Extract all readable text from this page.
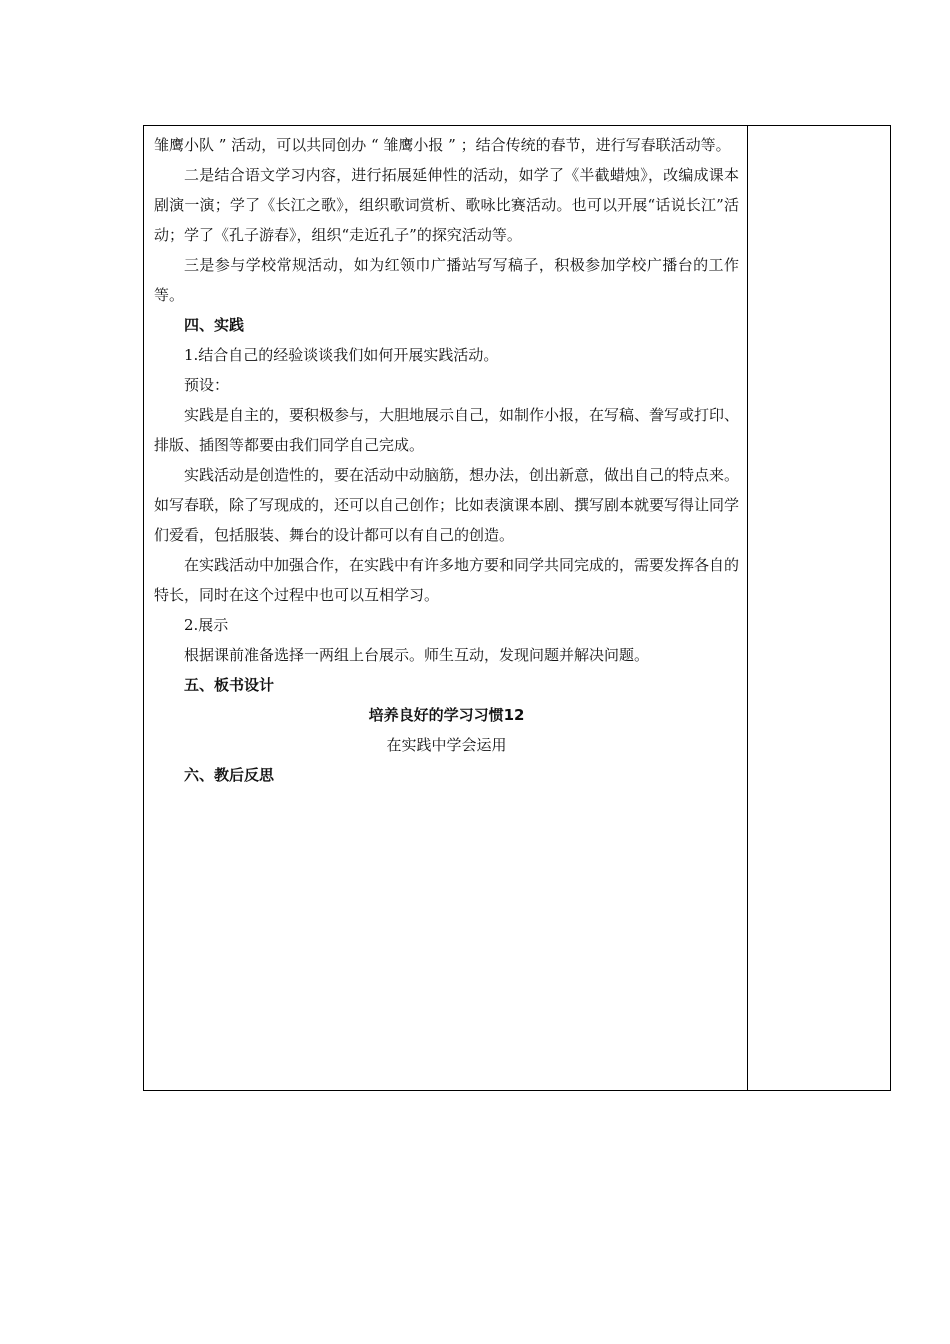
雏鹰小队 ” 活动，可以共同创办 “ 雏鹰小报 ” ；结合传统的春节，进行写春联活动等。

二是结合语文学习内容，进行拓展延伸性的活动，如学了《半截蜡烛》，改编成课本剧演一演；学了《长江之歌》，组织歌词赏析、歌咏比赛活动。也可以开展“话说长江”活动；学了《孔子游春》，组织“走近孔子”的探究活动等。

三是参与学校常规活动，如为红领巾广播站写写稿子，积极参加学校广播台的工作等。

四、实践

1.结合自己的经验谈谈我们如何开展实践活动。

预设：

实践是自主的，要积极参与，大胆地展示自己，如制作小报，在写稿、誊写或打印、排版、插图等都要由我们同学自己完成。

实践活动是创造性的，要在活动中动脑筋，想办法，创出新意，做出自己的特点来。如写春联，除了写现成的，还可以自己创作；比如表演课本剧、撰写剧本就要写得让同学们爱看，包括服装、舞台的设计都可以有自己的创造。

在实践活动中加强合作，在实践中有许多地方要和同学共同完成的，需要发挥各自的特长，同时在这个过程中也可以互相学习。

2.展示

根据课前准备选择一两组上台展示。师生互动，发现问题并解决问题。

五、板书设计

培养良好的学习习惯12

在实践中学会运用

六、教后反思
